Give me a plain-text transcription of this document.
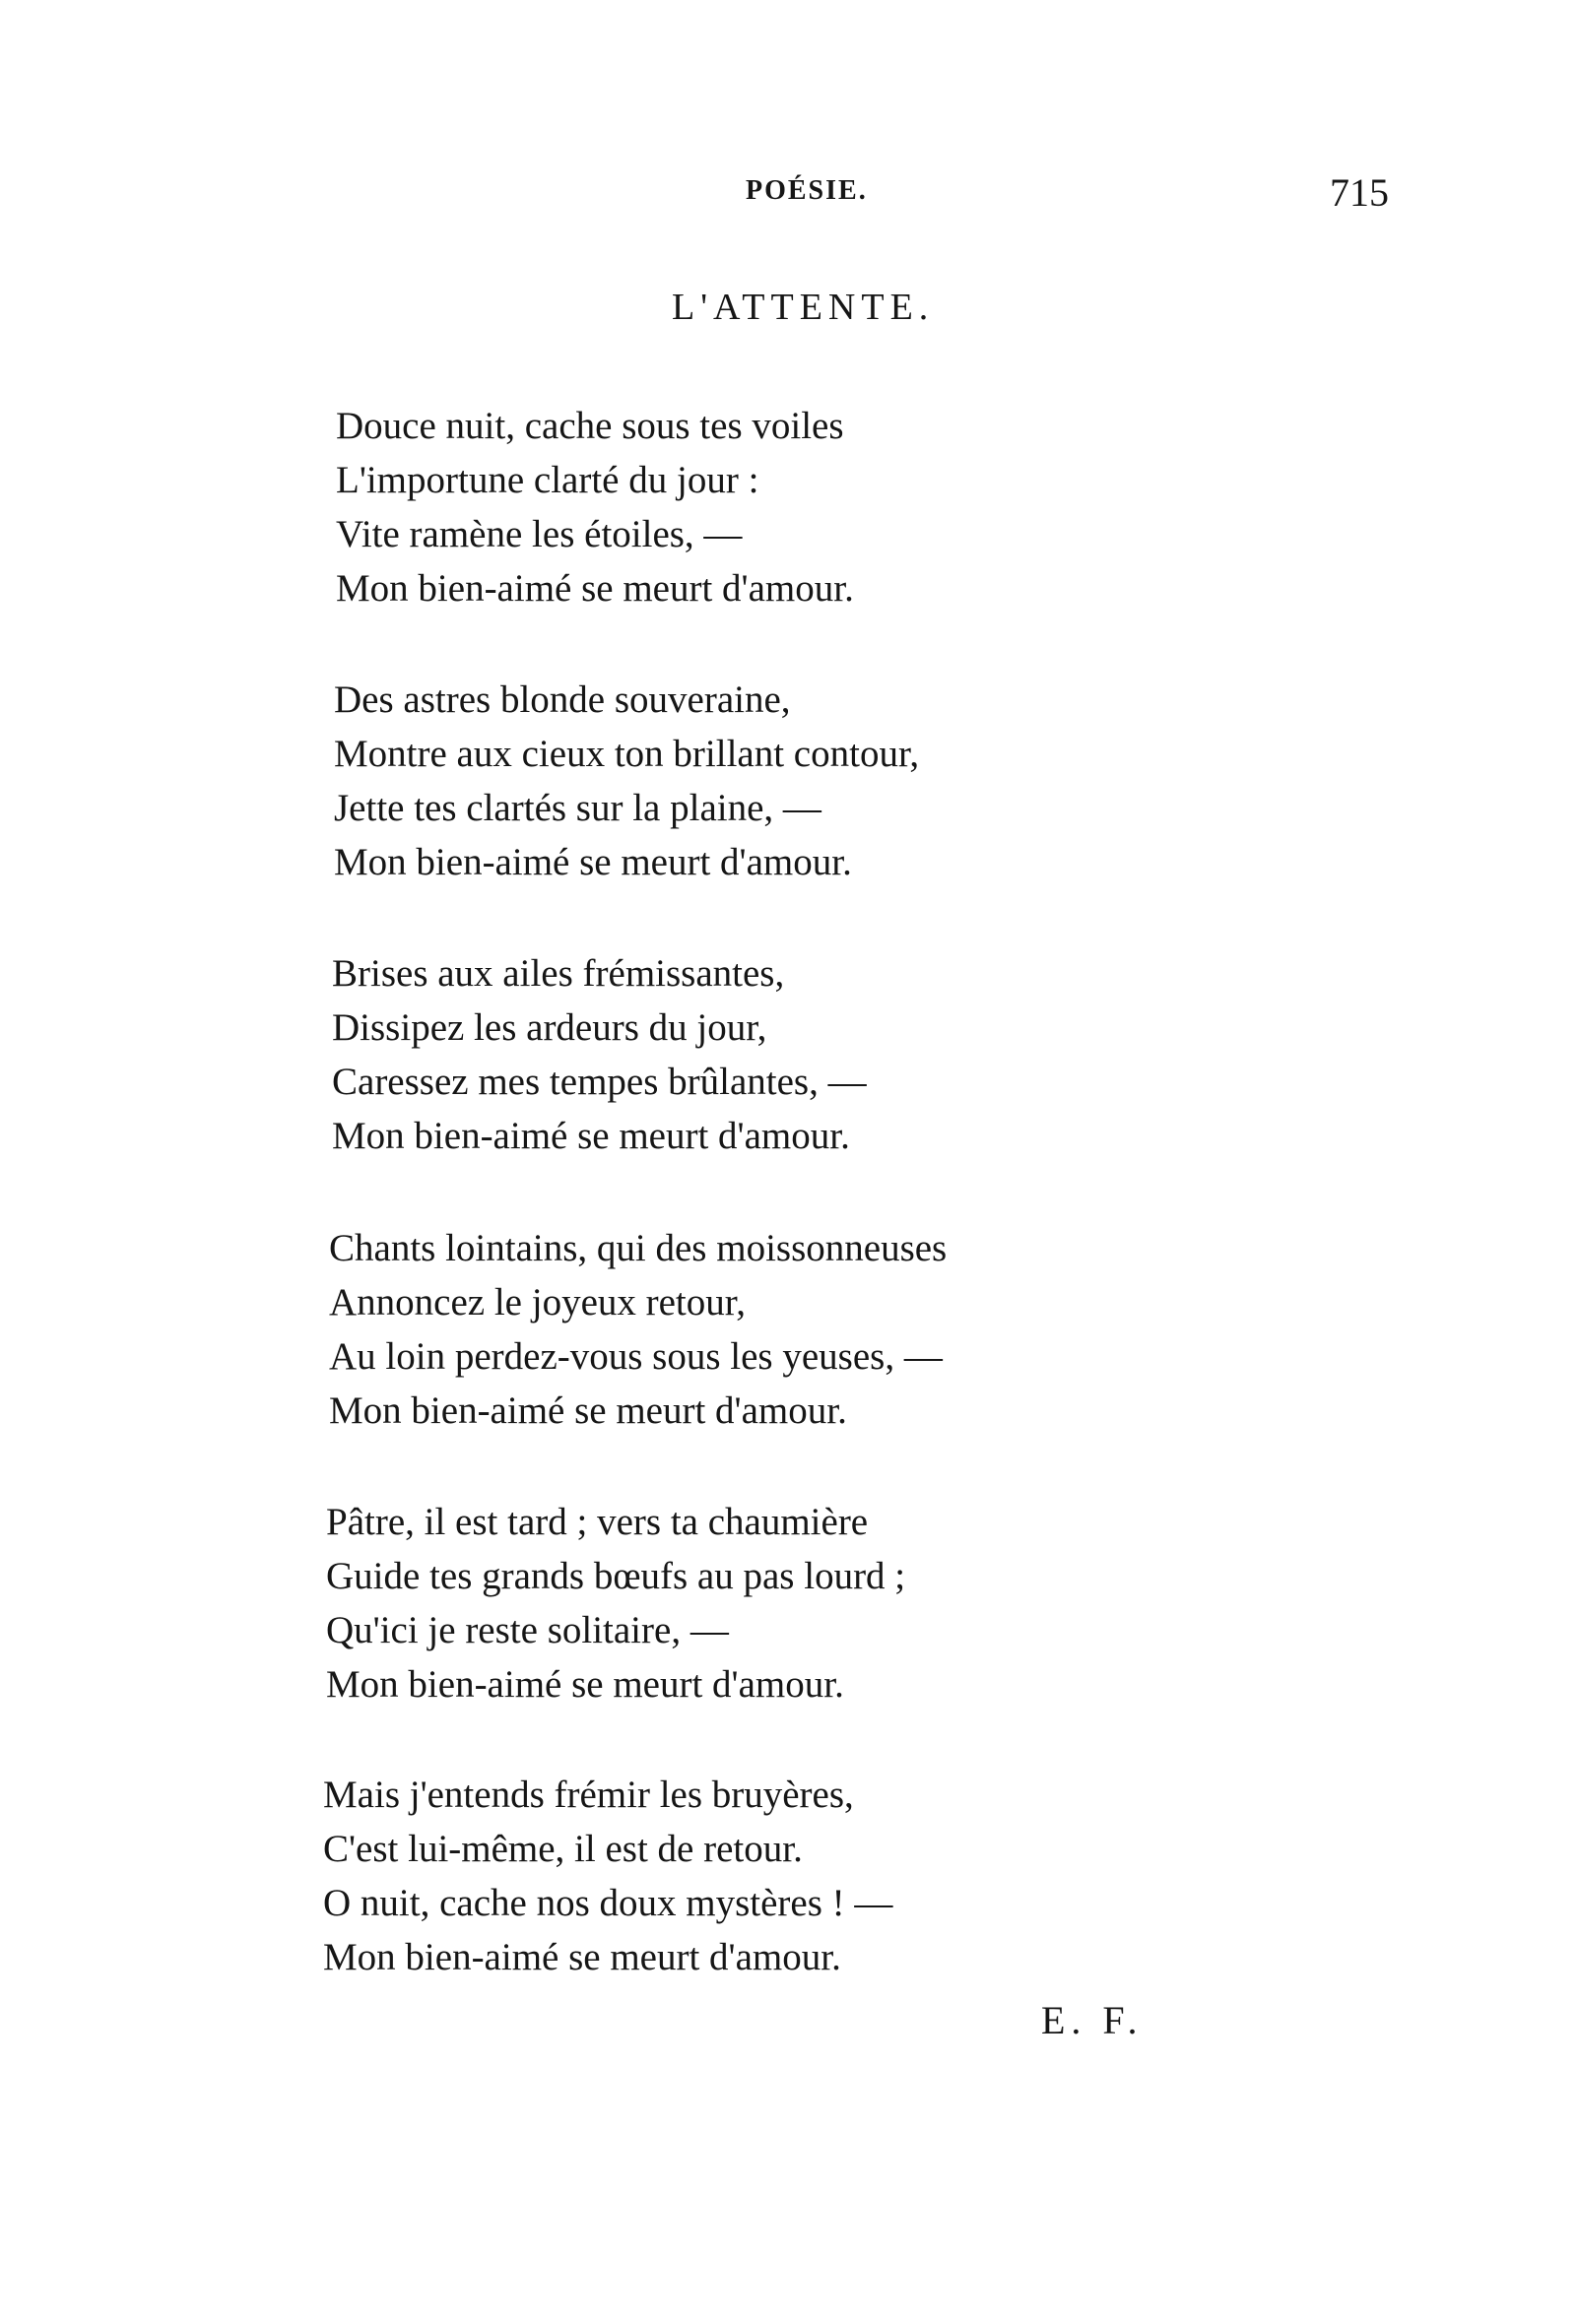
POÉSIE.	715
L'ATTENTE.
Douce nuit, cache sous tes voiles
L'importune clarté du jour :
Vite ramène les étoiles, —
Mon bien-aimé se meurt d'amour.
Des astres blonde souveraine,
Montre aux cieux ton brillant contour,
Jette tes clartés sur la plaine, —
Mon bien-aimé se meurt d'amour.
Brises aux ailes frémissantes,
Dissipez les ardeurs du jour,
Caressez mes tempes brûlantes, —
Mon bien-aimé se meurt d'amour.
Chants lointains, qui des moissonneuses
Annoncez le joyeux retour,
Au loin perdez-vous sous les yeuses, —
Mon bien-aimé se meurt d'amour.
Pâtre, il est tard ; vers ta chaumière
Guide tes grands bœufs au pas lourd ;
Qu'ici je reste solitaire, —
Mon bien-aimé se meurt d'amour.
Mais j'entends frémir les bruyères,
C'est lui-même, il est de retour.
O nuit, cache nos doux mystères ! —
Mon bien-aimé se meurt d'amour.
E. F.
